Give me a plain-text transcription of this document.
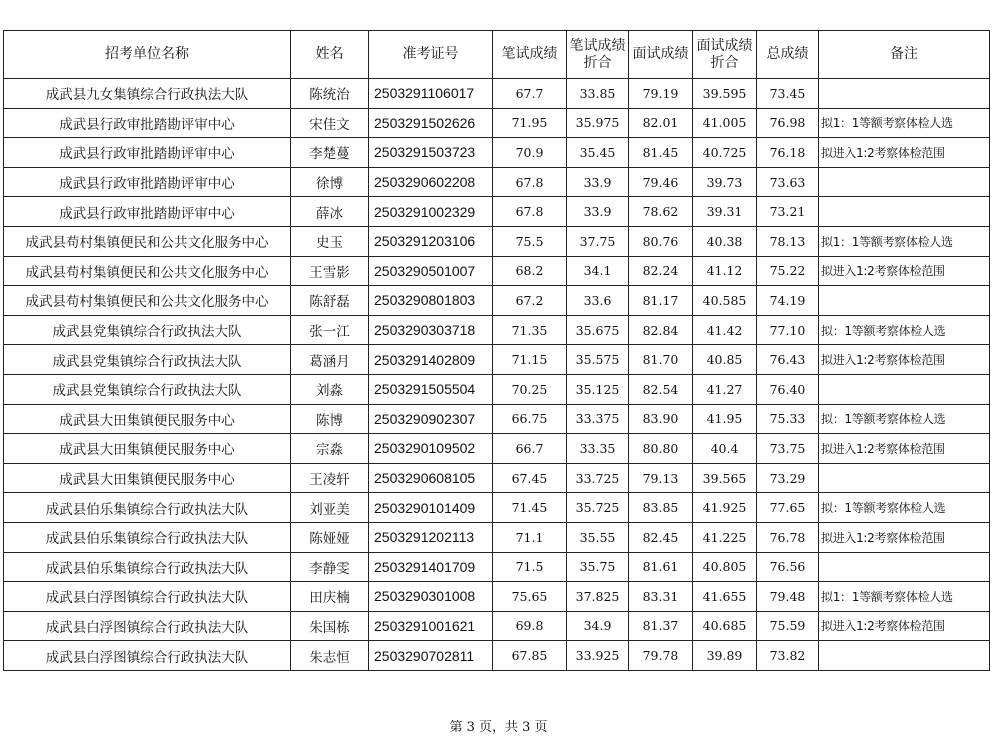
招考单位名称	姓名	准考证号	笔试成绩	笔试成绩折合	面试成绩	面试成绩折合	总成绩	备注
成武县九女集镇综合行政执法大队	陈统治	2503291106017	67.7	33.85	79.19	39.595	73.45	
成武县行政审批踏勘评审中心	宋佳文	2503291502626	71.95	35.975	82.01	41.005	76.98	拟1：1等额考察体检人选
成武县行政审批踏勘评审中心	李楚蔓	2503291503723	70.9	35.45	81.45	40.725	76.18	拟进入1:2考察体检范围
成武县行政审批踏勘评审中心	徐博	2503290602208	67.8	33.9	79.46	39.73	73.63	
成武县行政审批踏勘评审中心	薛冰	2503291002329	67.8	33.9	78.62	39.31	73.21	
成武县苟村集镇便民和公共文化服务中心	史玉	2503291203106	75.5	37.75	80.76	40.38	78.13	拟1：1等额考察体检人选
成武县苟村集镇便民和公共文化服务中心	王雪影	2503290501007	68.2	34.1	82.24	41.12	75.22	拟进入1:2考察体检范围
成武县苟村集镇便民和公共文化服务中心	陈舒磊	2503290801803	67.2	33.6	81.17	40.585	74.19	
成武县党集镇综合行政执法大队	张一江	2503290303718	71.35	35.675	82.84	41.42	77.10	拟：1等额考察体检人选
成武县党集镇综合行政执法大队	葛涵月	2503291402809	71.15	35.575	81.70	40.85	76.43	拟进入1:2考察体检范围
成武县党集镇综合行政执法大队	刘淼	2503291505504	70.25	35.125	82.54	41.27	76.40	
成武县大田集镇便民服务中心	陈博	2503290902307	66.75	33.375	83.90	41.95	75.33	拟：1等额考察体检人选
成武县大田集镇便民服务中心	宗淼	2503290109502	66.7	33.35	80.80	40.4	73.75	拟进入1:2考察体检范围
成武县大田集镇便民服务中心	王凌轩	2503290608105	67.45	33.725	79.13	39.565	73.29	
成武县伯乐集镇综合行政执法大队	刘亚美	2503290101409	71.45	35.725	83.85	41.925	77.65	拟：1等额考察体检人选
成武县伯乐集镇综合行政执法大队	陈娅娅	2503291202113	71.1	35.55	82.45	41.225	76.78	拟进入1:2考察体检范围
成武县伯乐集镇综合行政执法大队	李静雯	2503291401709	71.5	35.75	81.61	40.805	76.56	
成武县白浮图镇综合行政执法大队	田庆楠	2503290301008	75.65	37.825	83.31	41.655	79.48	拟1：1等额考察体检人选
成武县白浮图镇综合行政执法大队	朱国栋	2503291001621	69.8	34.9	81.37	40.685	75.59	拟进入1:2考察体检范围
成武县白浮图镇综合行政执法大队	朱志恒	2503290702811	67.85	33.925	79.78	39.89	73.82	
第 3 页，共 3 页
